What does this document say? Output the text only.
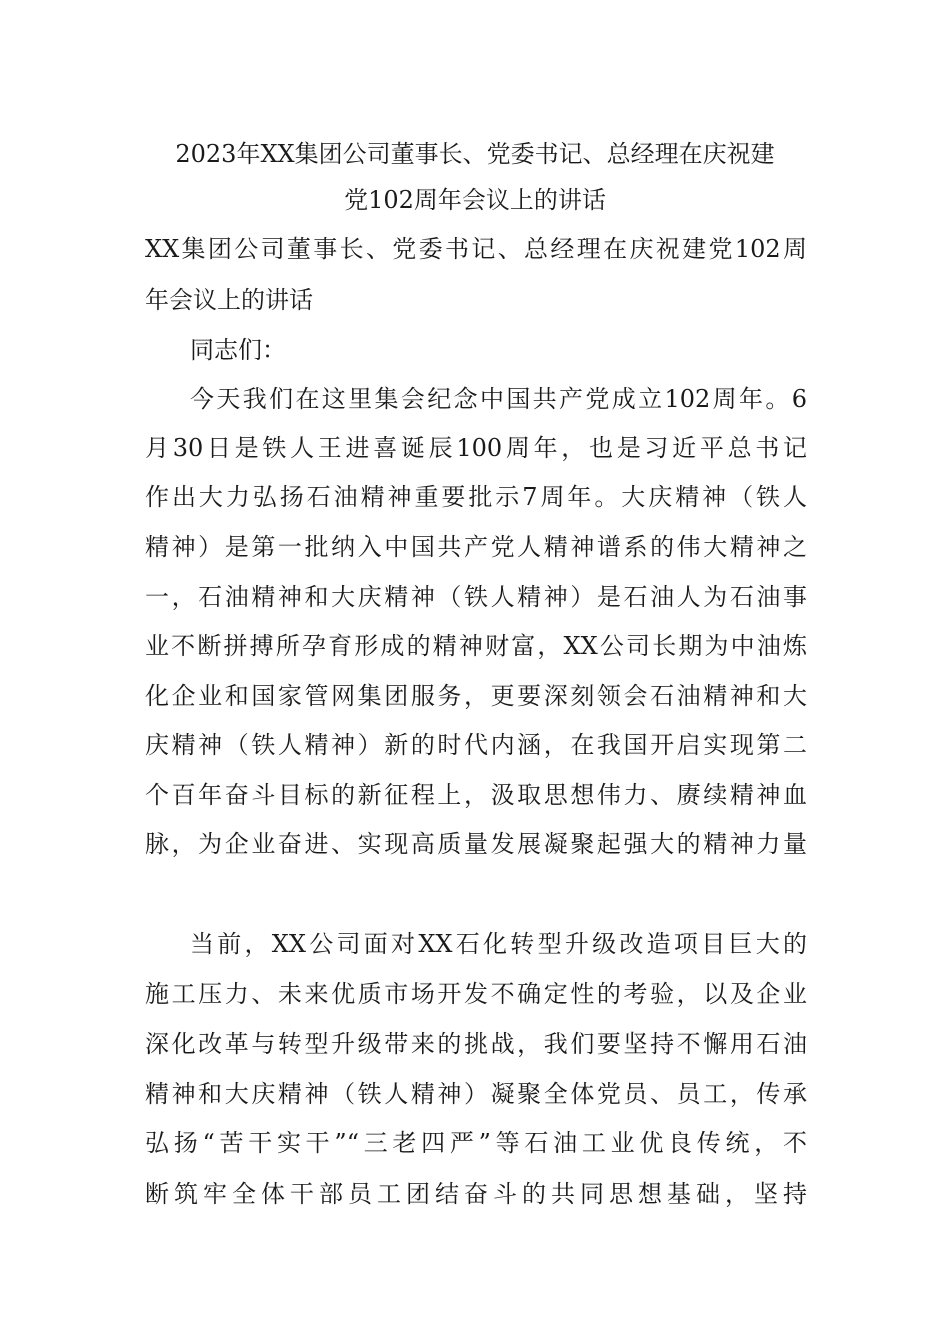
2023年XX集团公司董事长、党委书记、总经理在庆祝建
党102周年会议上的讲话
XX集团公司董事长、党委书记、总经理在庆祝建党102周
年会议上的讲话
同志们：
今天我们在这里集会纪念中国共产党成立102周年。6
月30日是铁人王进喜诞辰100周年，也是习近平总书记
作出大力弘扬石油精神重要批示7周年。大庆精神（铁人
精神）是第一批纳入中国共产党人精神谱系的伟大精神之
一，石油精神和大庆精神（铁人精神）是石油人为石油事
业不断拼搏所孕育形成的精神财富，XX公司长期为中油炼
化企业和国家管网集团服务，更要深刻领会石油精神和大
庆精神（铁人精神）新的时代内涵，在我国开启实现第二
个百年奋斗目标的新征程上，汲取思想伟力、赓续精神血
脉，为企业奋进、实现高质量发展凝聚起强大的精神力量
当前，XX公司面对XX石化转型升级改造项目巨大的
施工压力、未来优质市场开发不确定性的考验，以及企业
深化改革与转型升级带来的挑战，我们要坚持不懈用石油
精神和大庆精神（铁人精神）凝聚全体党员、员工，传承
弘扬“苦干实干”“三老四严”等石油工业优良传统，不
断筑牢全体干部员工团结奋斗的共同思想基础，坚持
